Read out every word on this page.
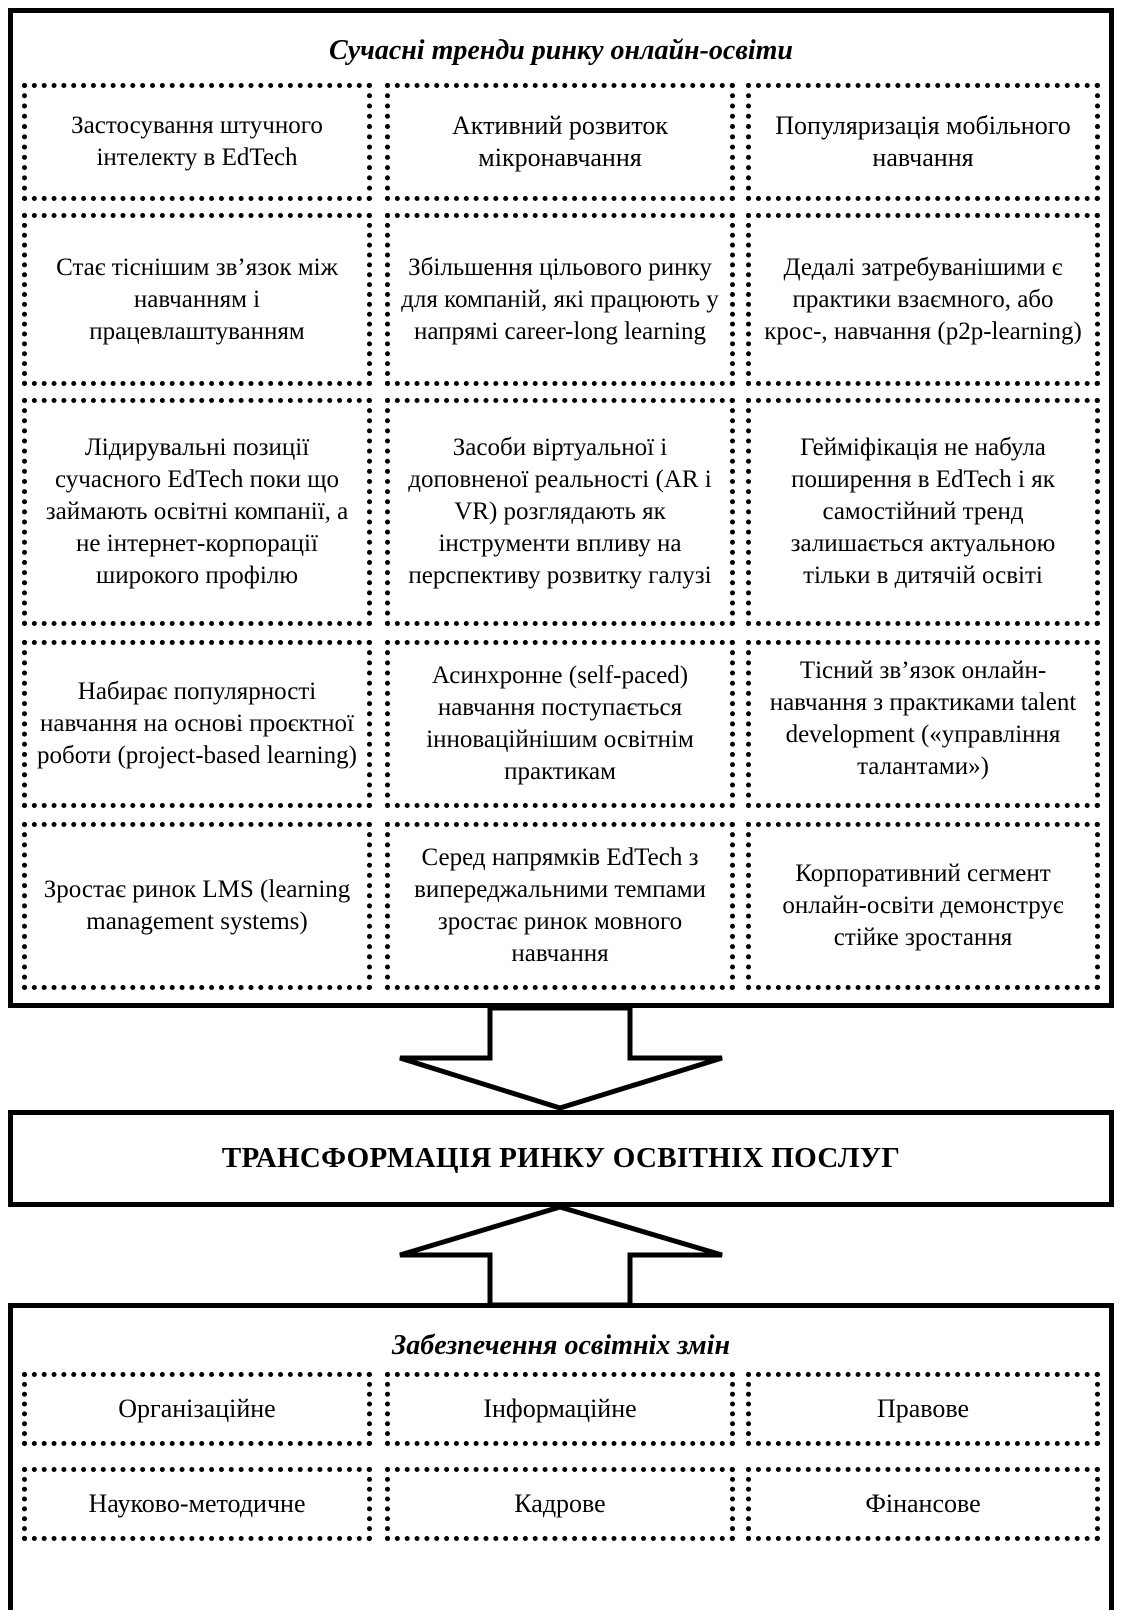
Сучасні тренди ринку онлайн-освіти
Застосування штучного інтелекту в EdTech
Активний розвиток мікронавчання
Популяризація мобільного навчання
Стає тіснішим зв’язок між навчанням і працевлаштуванням
Збільшення цільового ринку для компаній, які працюють у напрямі career-long learning
Дедалі затребуванішими є практики взаємного, або крос-, навчання (p2p-learning)
Лідирувальні позиції сучасного EdTech поки що займають освітні компанії, а не інтернет-корпорації широкого профілю
Засоби віртуальної і доповненої реальності (AR і VR) розглядають як інструменти впливу на перспективу розвитку галузі
Гейміфікація не набула поширення в EdTech і як самостійний тренд залишається актуальною тільки в дитячій освіті
Набирає популярності навчання на основі проєктної роботи (project-based learning)
Асинхронне (self-paced) навчання поступається інноваційнішим освітнім практикам
Тісний зв’язок онлайн-навчання з практиками talent development («управління талантами»)
Зростає ринок LMS (learning management systems)
Серед напрямків EdTech з випереджальними темпами зростає ринок мовного навчання
Корпоративний сегмент онлайн-освіти демонструє стійке зростання
ТРАНСФОРМАЦІЯ РИНКУ ОСВІТНІХ ПОСЛУГ
Забезпечення освітніх змін
Організаційне	Інформаційне	Правове
Науково-методичне	Кадрове	Фінансове
